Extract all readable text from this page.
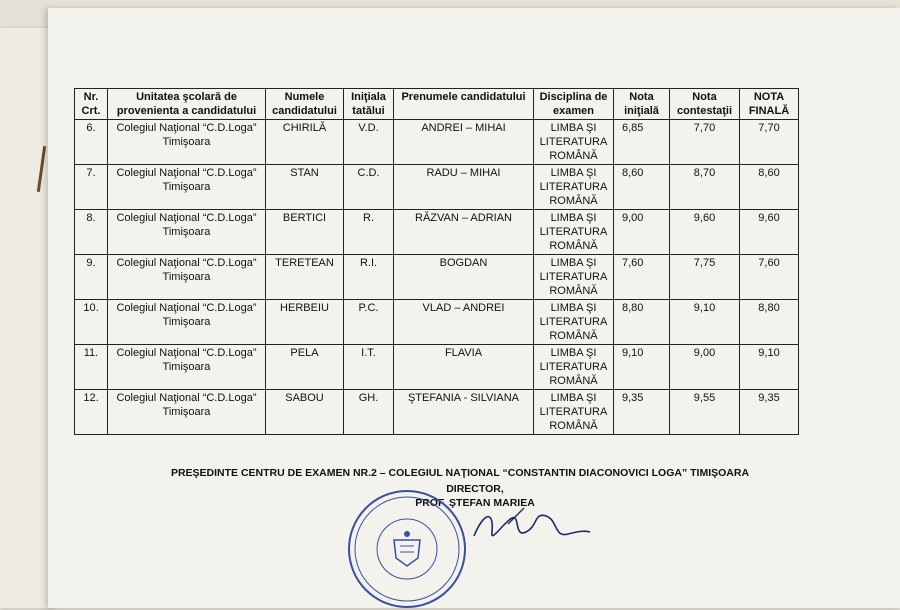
Nr. Crt.	Unitatea şcolară de provenienta a candidatului	Numele candidatului	Iniţiala tatălui	Prenumele candidatului	Disciplina de examen	Nota iniţială	Nota contestaţii	NOTA FINALĂ
6.	Colegiul Naţional “C.D.Loga” Timişoara	CHIRILĂ	V.D.	ANDREI – MIHAI	LIMBA ŞI LITERATURA ROMÂNĂ	6,85	7,70	7,70
7.	Colegiul Naţional “C.D.Loga” Timişoara	STAN	C.D.	RADU – MIHAI	LIMBA ŞI LITERATURA ROMÂNĂ	8,60	8,70	8,60
8.	Colegiul Naţional “C.D.Loga” Timişoara	BERTICI	R.	RĂZVAN – ADRIAN	LIMBA ŞI LITERATURA ROMÂNĂ	9,00	9,60	9,60
9.	Colegiul Naţional “C.D.Loga” Timişoara	TERETEAN	R.I.	BOGDAN	LIMBA ŞI LITERATURA ROMÂNĂ	7,60	7,75	7,60
10.	Colegiul Naţional “C.D.Loga” Timişoara	HERBEIU	P.C.	VLAD – ANDREI	LIMBA ŞI LITERATURA ROMÂNĂ	8,80	9,10	8,80
11.	Colegiul Naţional “C.D.Loga” Timişoara	PELA	I.T.	FLAVIA	LIMBA ŞI LITERATURA ROMÂNĂ	9,10	9,00	9,10
12.	Colegiul Naţional “C.D.Loga” Timişoara	SABOU	GH.	ŞTEFANIA - SILVIANA	LIMBA ŞI LITERATURA ROMÂNĂ	9,35	9,55	9,35
PREŞEDINTE CENTRU DE EXAMEN NR.2 – COLEGIUL NAŢIONAL “CONSTANTIN DIACONOVICI LOGA” TIMIŞOARA
DIRECTOR,
PROF. ŞTEFAN MARIEA
